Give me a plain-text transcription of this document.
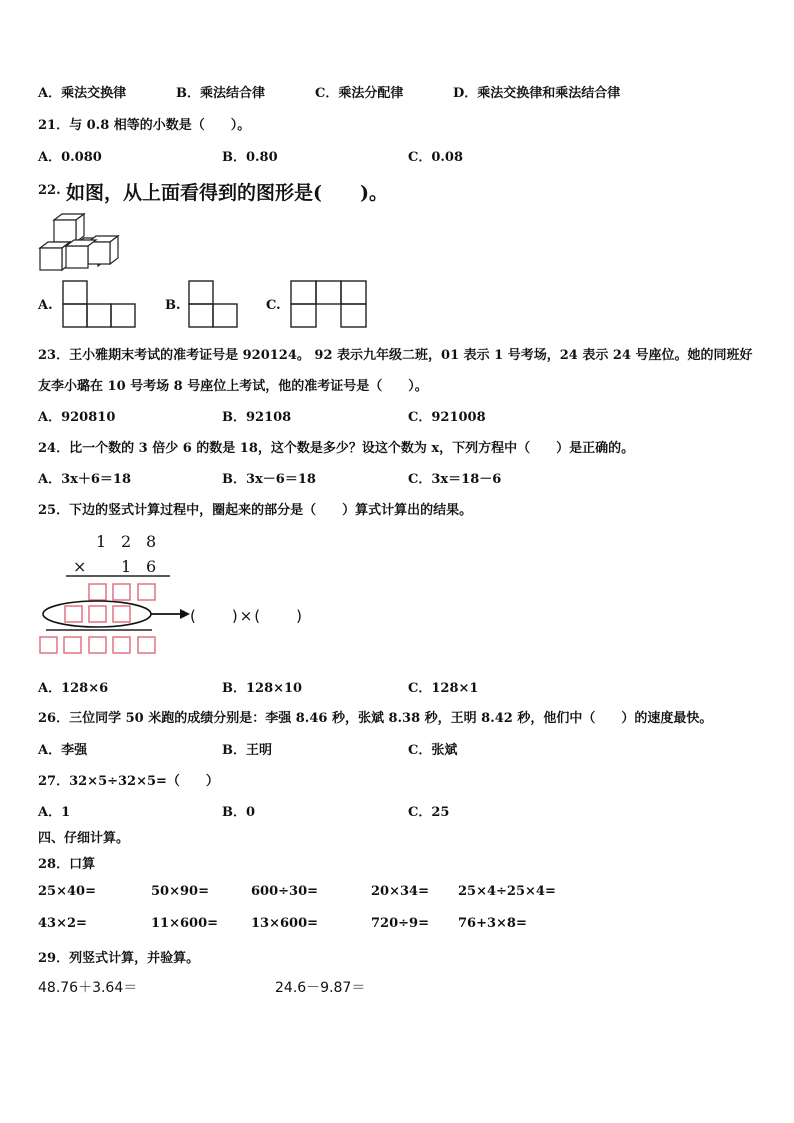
A．乘法交换律	B．乘法结合律	C．乘法分配律	D．乘法交换律和乘法结合律
21．与 0.8 相等的小数是（　　）。
A．0.080	B．0.80	C．0.08
22. 如图，从上面看得到的图形是(　　)。
A.	B.	C.
23．王小雅期末考试的准考证号是 920124。 92 表示九年级二班，01 表示 1 号考场，24 表示 24 号座位。她的同班好
友李小璐在 10 号考场 8 号座位上考试，他的准考证号是（　　）。
A．920810	B．92108	C．921008
24．比一个数的 3 倍少 6 的数是 18，这个数是多少？设这个数为 x，下列方程中（　　）是正确的。
A．3x＋6＝18	B．3x－6＝18	C．3x＝18－6
25．下边的竖式计算过程中，圈起来的部分是（　　）算式计算出的结果。
1 2 8
× 1 6
(　　)×(　　)
A．128×6	B．128×10	C．128×1
26．三位同学 50 米跑的成绩分别是：李强 8.46 秒，张斌 8.38 秒，王明 8.42 秒，他们中（　　）的速度最快。
A．李强	B．王明	C．张斌
27．32×5÷32×5=（　　）
A．1	B．0	C．25
四、仔细计算。
28．口算
25×40=	50×90=	600÷30=	20×34= 25×4÷25×4=
43×2=	11×600=	13×600=	720÷9= 76+3×8=
29．列竖式计算，并验算。
48.76＋3.64＝	24.6－9.87＝
